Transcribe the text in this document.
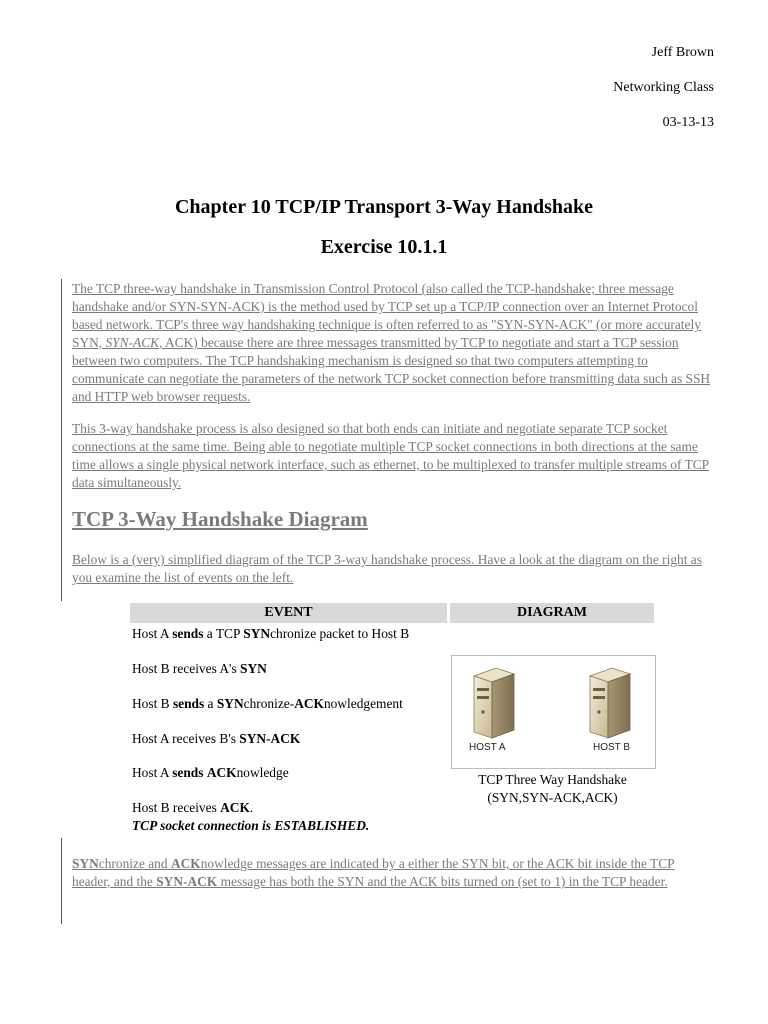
Jeff Brown
Networking Class
03-13-13
Chapter 10 TCP/IP Transport 3-Way Handshake
Exercise 10.1.1
The TCP three-way handshake in Transmission Control Protocol (also called the TCP-handshake; three message handshake and/or SYN-SYN-ACK) is the method used by TCP set up a TCP/IP connection over an Internet Protocol based network. TCP's three way handshaking technique is often referred to as "SYN-SYN-ACK" (or more accurately SYN, SYN-ACK, ACK) because there are three messages transmitted by TCP to negotiate and start a TCP session between two computers. The TCP handshaking mechanism is designed so that two computers attempting to communicate can negotiate the parameters of the network TCP socket connection before transmitting data such as SSH and HTTP web browser requests.
This 3-way handshake process is also designed so that both ends can initiate and negotiate separate TCP socket connections at the same time. Being able to negotiate multiple TCP socket connections in both directions at the same time allows a single physical network interface, such as ethernet, to be multiplexed to transfer multiple streams of TCP data simultaneously.
TCP 3-Way Handshake Diagram
Below is a (very) simplified diagram of the TCP 3-way handshake process. Have a look at the diagram on the right as you examine the list of events on the left.
EVENT	DIAGRAM
Host A sends a TCP SYNchronize packet to Host B
Host B receives A's SYN
Host B sends a SYNchronize-ACKnowledgement
Host A receives B's SYN-ACK
Host A sends ACKnowledge
Host B receives ACK.
TCP socket connection is ESTABLISHED.
HOST A	HOST B
TCP Three Way Handshake
(SYN,SYN-ACK,ACK)
SYNchronize and ACKnowledge messages are indicated by a either the SYN bit, or the ACK bit inside the TCP header, and the SYN-ACK message has both the SYN and the ACK bits turned on (set to 1) in the TCP header.
